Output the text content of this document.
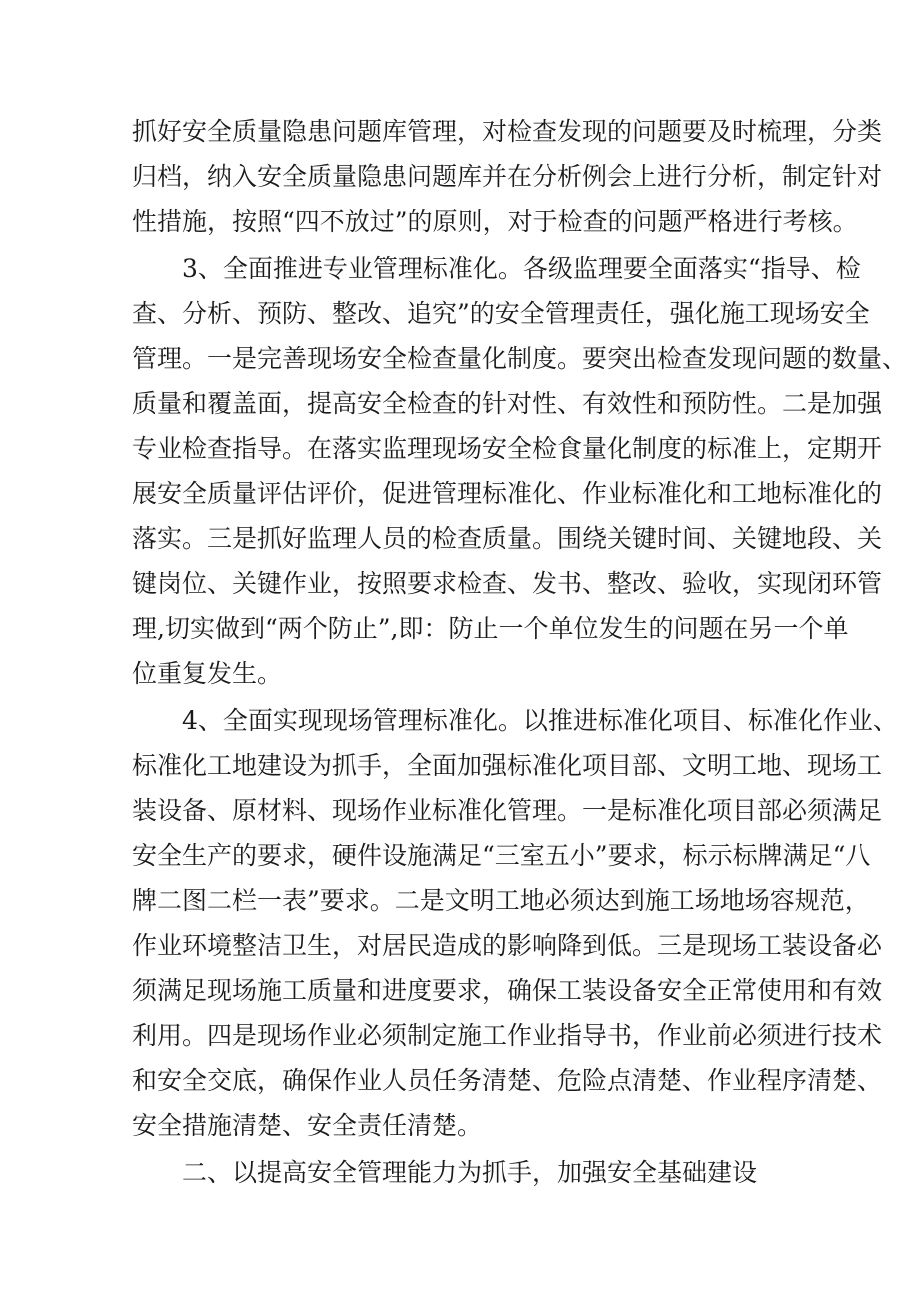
抓好安全质量隐患问题库管理，对检查发现的问题要及时梳理，分类
归档，纳入安全质量隐患问题库并在分析例会上进行分析，制定针对
性措施，按照“四不放过”的原则，对于检查的问题严格进行考核。
3、全面推进专业管理标准化。各级监理要全面落实“指导、检
查、分析、预防、整改、追究”的安全管理责任，强化施工现场安全
管理。一是完善现场安全检查量化制度。要突出检查发现问题的数量、
质量和覆盖面，提高安全检查的针对性、有效性和预防性。二是加强
专业检查指导。在落实监理现场安全检食量化制度的标准上，定期开
展安全质量评估评价，促进管理标准化、作业标准化和工地标准化的
落实。三是抓好监理人员的检查质量。围绕关键时间、关键地段、关
键岗位、关键作业，按照要求检查、发书、整改、验收，实现闭环管
理,切实做到“两个防止”,即：防止一个单位发生的问题在另一个单
位重复发生。
4、全面实现现场管理标准化。以推进标准化项目、标准化作业、
标准化工地建设为抓手，全面加强标准化项目部、文明工地、现场工
装设备、原材料、现场作业标准化管理。一是标准化项目部必须满足
安全生产的要求，硬件设施满足“三室五小”要求，标示标牌满足“八
牌二图二栏一表”要求。二是文明工地必须达到施工场地场容规范，
作业环境整洁卫生，对居民造成的影响降到低。三是现场工装设备必
须满足现场施工质量和进度要求，确保工装设备安全正常使用和有效
利用。四是现场作业必须制定施工作业指导书，作业前必须进行技术
和安全交底，确保作业人员任务清楚、危险点清楚、作业程序清楚、
安全措施清楚、安全责任清楚。
二、以提高安全管理能力为抓手，加强安全基础建设
